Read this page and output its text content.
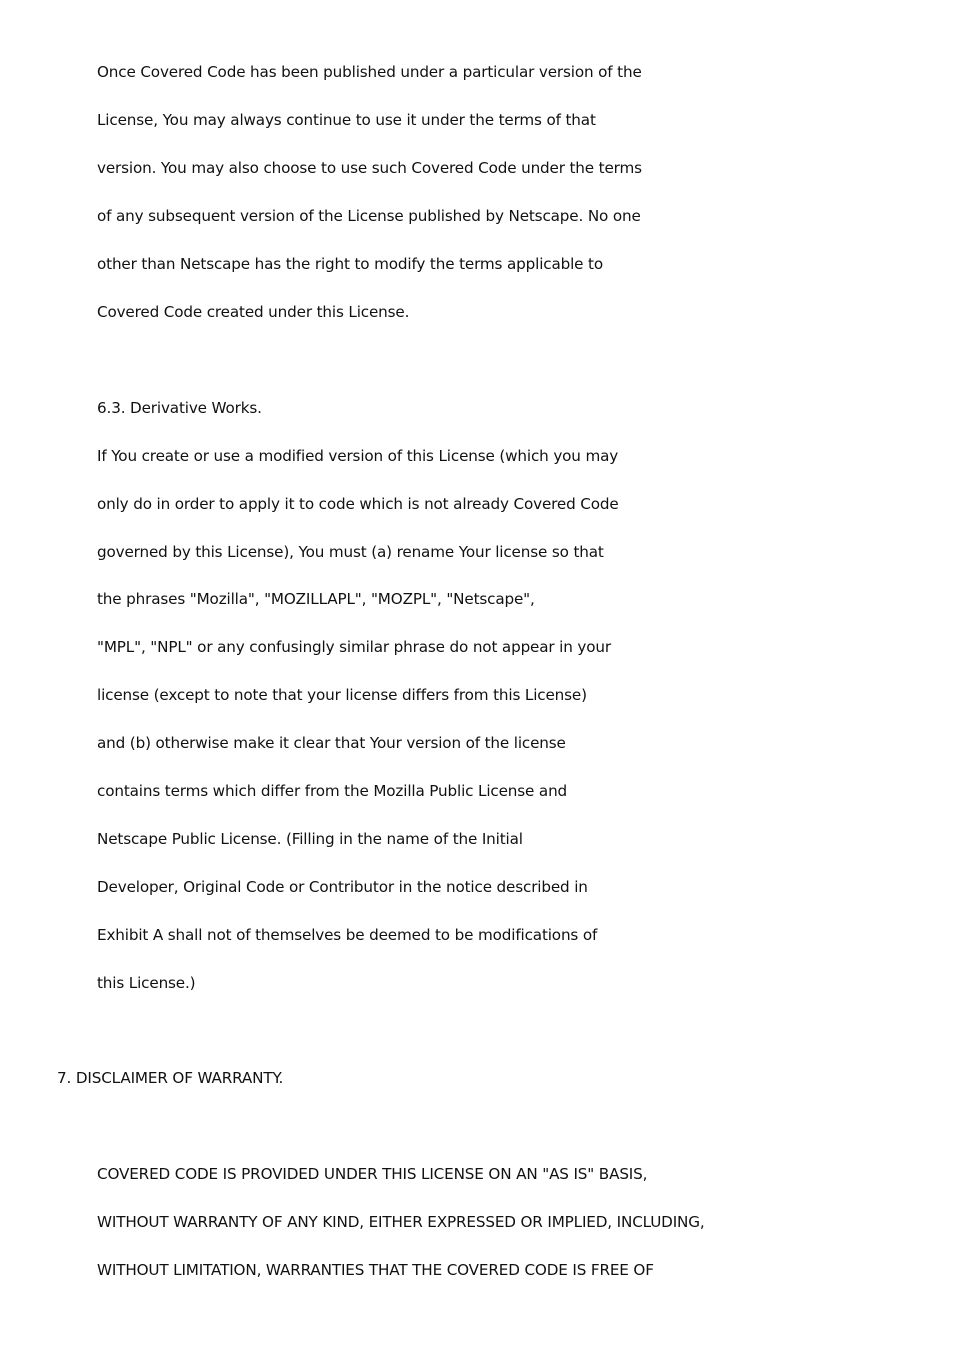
Once Covered Code has been published under a particular version of the
License, You may always continue to use it under the terms of that
version. You may also choose to use such Covered Code under the terms
of any subsequent version of the License published by Netscape. No one
other than Netscape has the right to modify the terms applicable to
Covered Code created under this License.
6.3. Derivative Works.
If You create or use a modified version of this License (which you may
only do in order to apply it to code which is not already Covered Code
governed by this License), You must (a) rename Your license so that
the phrases "Mozilla", "MOZILLAPL", "MOZPL", "Netscape",
"MPL", "NPL" or any confusingly similar phrase do not appear in your
license (except to note that your license differs from this License)
and (b) otherwise make it clear that Your version of the license
contains terms which differ from the Mozilla Public License and
Netscape Public License. (Filling in the name of the Initial
Developer, Original Code or Contributor in the notice described in
Exhibit A shall not of themselves be deemed to be modifications of
this License.)
7. DISCLAIMER OF WARRANTY.
COVERED CODE IS PROVIDED UNDER THIS LICENSE ON AN "AS IS" BASIS,
WITHOUT WARRANTY OF ANY KIND, EITHER EXPRESSED OR IMPLIED, INCLUDING,
WITHOUT LIMITATION, WARRANTIES THAT THE COVERED CODE IS FREE OF
